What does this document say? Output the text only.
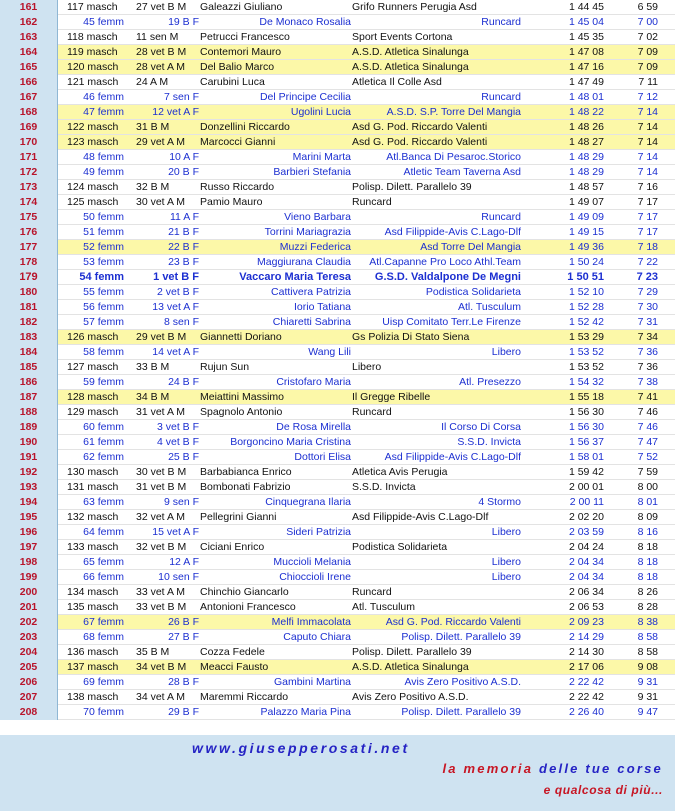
161	117 masch	27 vet B M	Galeazzi Giuliano	Grifo Runners Perugia Asd	1 44 45	6 59
162	45 femm	19 B F	De Monaco Rosalia	Runcard	1 45 04	7 00
163	118 masch	11 sen M	Petrucci Francesco	Sport Events Cortona	1 45 35	7 02
164	119 masch	28 vet B M	Contemori Mauro	A.S.D. Atletica Sinalunga	1 47 08	7 09
165	120 masch	28 vet A M	Del Balio Marco	A.S.D. Atletica Sinalunga	1 47 16	7 09
166	121 masch	24 A M	Carubini Luca	Atletica Il Colle Asd	1 47 49	7 11
167	46 femm	7 sen F	Del Principe Cecilia	Runcard	1 48 01	7 12
168	47 femm	12 vet A F	Ugolini Lucia	A.S.D. S.P. Torre Del Mangia	1 48 22	7 14
169	122 masch	31 B M	Donzellini Riccardo	Asd G. Pod. Riccardo Valenti	1 48 26	7 14
170	123 masch	29 vet A M	Marcocci Gianni	Asd G. Pod. Riccardo Valenti	1 48 27	7 14
171	48 femm	10 A F	Marini Marta	Atl.Banca Di Pesaroc.Storico	1 48 29	7 14
172	49 femm	20 B F	Barbieri Stefania	Atletic Team Taverna Asd	1 48 29	7 14
173	124 masch	32 B M	Russo Riccardo	Polisp. Dilett. Parallelo 39	1 48 57	7 16
174	125 masch	30 vet A M	Pamio Mauro	Runcard	1 49 07	7 17
175	50 femm	11 A F	Vieno Barbara	Runcard	1 49 09	7 17
176	51 femm	21 B F	Torrini Mariagrazia	Asd Filippide-Avis C.Lago-Dlf	1 49 15	7 17
177	52 femm	22 B F	Muzzi Federica	Asd Torre Del Mangia	1 49 36	7 18
178	53 femm	23 B F	Maggiurana Claudia	Atl.Capanne Pro Loco Athl.Team	1 50 24	7 22
179	54 femm	1 vet B F	Vaccaro Maria Teresa	G.S.D. Valdalpone De Megni	1 50 51	7 23
180	55 femm	2 vet B F	Cattivera Patrizia	Podistica Solidarieta	1 52 10	7 29
181	56 femm	13 vet A F	Iorio Tatiana	Atl. Tusculum	1 52 28	7 30
182	57 femm	8 sen F	Chiaretti Sabrina	Uisp Comitato Terr.Le Firenze	1 52 42	7 31
183	126 masch	29 vet B M	Giannetti Doriano	Gs Polizia Di Stato Siena	1 53 29	7 34
184	58 femm	14 vet A F	Wang Lili	Libero	1 53 52	7 36
185	127 masch	33 B M	Rujun Sun	Libero	1 53 52	7 36
186	59 femm	24 B F	Cristofaro Maria	Atl. Presezzo	1 54 32	7 38
187	128 masch	34 B M	Meiattini Massimo	Il Gregge Ribelle	1 55 18	7 41
188	129 masch	31 vet A M	Spagnolo Antonio	Runcard	1 56 30	7 46
189	60 femm	3 vet B F	De Rosa Mirella	Il Corso Di Corsa	1 56 30	7 46
190	61 femm	4 vet B F	Borgoncino Maria Cristina	S.S.D. Invicta	1 56 37	7 47
191	62 femm	25 B F	Dottori Elisa	Asd Filippide-Avis C.Lago-Dlf	1 58 01	7 52
192	130 masch	30 vet B M	Barbabianca Enrico	Atletica Avis Perugia	1 59 42	7 59
193	131 masch	31 vet B M	Bombonati Fabrizio	S.S.D. Invicta	2 00 01	8 00
194	63 femm	9 sen F	Cinquegrana Ilaria	4 Stormo	2 00 11	8 01
195	132 masch	32 vet A M	Pellegrini Gianni	Asd Filippide-Avis C.Lago-Dlf	2 02 20	8 09
196	64 femm	15 vet A F	Sideri Patrizia	Libero	2 03 59	8 16
197	133 masch	32 vet B M	Ciciani Enrico	Podistica Solidarieta	2 04 24	8 18
198	65 femm	12 A F	Muccioli Melania	Libero	2 04 34	8 18
199	66 femm	10 sen F	Chioccioli Irene	Libero	2 04 34	8 18
200	134 masch	33 vet A M	Chinchio Giancarlo	Runcard	2 06 34	8 26
201	135 masch	33 vet B M	Antonioni Francesco	Atl. Tusculum	2 06 53	8 28
202	67 femm	26 B F	Melfi Immacolata	Asd G. Pod. Riccardo Valenti	2 09 23	8 38
203	68 femm	27 B F	Caputo Chiara	Polisp. Dilett. Parallelo 39	2 14 29	8 58
204	136 masch	35 B M	Cozza Fedele	Polisp. Dilett. Parallelo 39	2 14 30	8 58
205	137 masch	34 vet B M	Meacci Fausto	A.S.D. Atletica Sinalunga	2 17 06	9 08
206	69 femm	28 B F	Gambini Martina	Avis Zero Positivo A.S.D.	2 22 42	9 31
207	138 masch	34 vet A M	Maremmi Riccardo	Avis Zero Positivo A.S.D.	2 22 42	9 31
208	70 femm	29 B F	Palazzo Maria Pina	Polisp. Dilett. Parallelo 39	2 26 40	9 47
www.giusepperosati.net
la memoria delle tue corse
e qualcosa di più...
